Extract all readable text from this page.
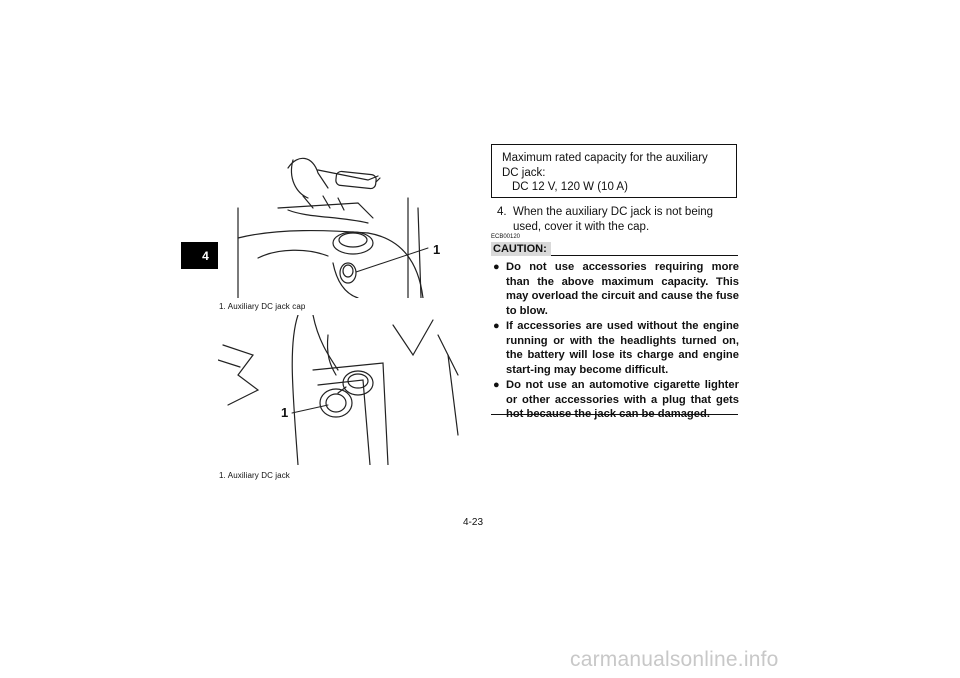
4	1
1. Auxiliary DC jack cap
1
1. Auxiliary DC jack
Maximum rated capacity for the auxiliary DC jack:
DC 12 V, 120 W (10 A)
4. When the auxiliary DC jack is not being used, cover it with the cap.
ECB00120
CAUTION:
● Do not use accessories requiring more than the above maximum capacity. This may overload the circuit and cause the fuse to blow.
● If accessories are used without the engine running or with the headlights turned on, the battery will lose its charge and engine start-ing may become difficult.
● Do not use an automotive cigarette lighter or other accessories with a plug that gets hot because the jack can be damaged.
4-23
carmanualsonline.info
